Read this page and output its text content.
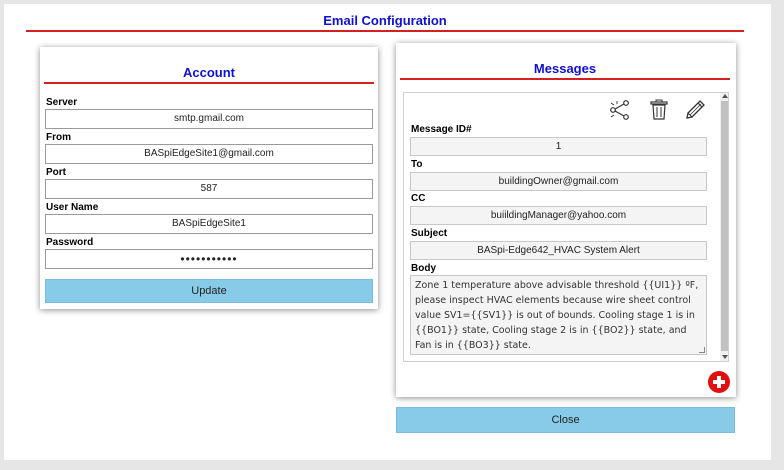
Email Configuration
Account
Server
smtp.gmail.com
From
BASpiEdgeSite1@gmail.com
Port
587
User Name
BASpiEdgeSite1
Password
•••••••••••
Update
Messages
Message ID#
1
To
buildingOwner@gmail.com
CC
buiildingManager@yahoo.com
Subject
BASpi-Edge642_HVAC System Alert
Body
Zone 1 temperature above advisable threshold {{UI1}} ºF, please inspect HVAC elements because wire sheet control value SV1={{SV1}} is out of bounds. Cooling stage 1 is in {{BO1}} state, Cooling stage 2 is in {{BO2}} state, and Fan is in {{BO3}} state.
Close
